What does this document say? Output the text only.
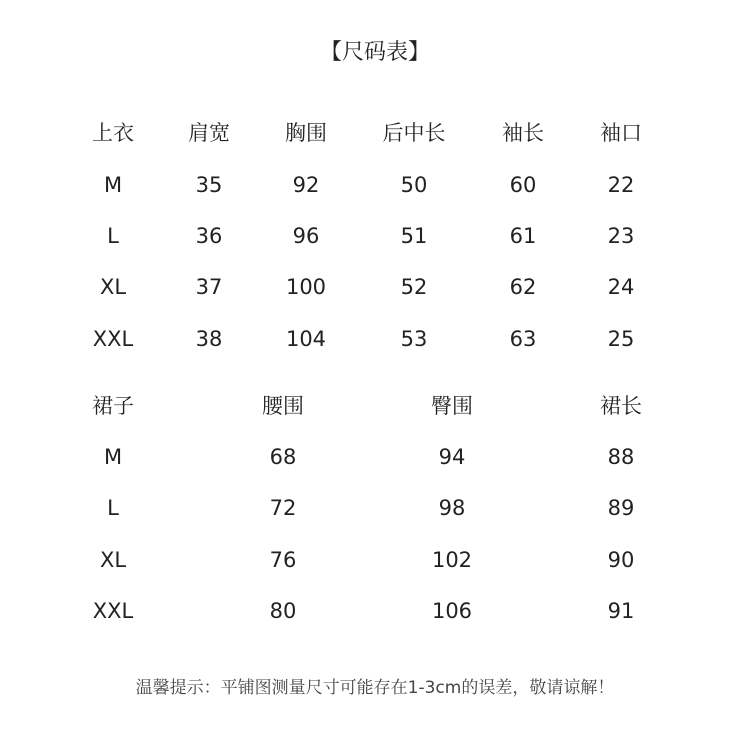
【尺码表】
上衣	肩宽	胸围	后中长	袖长	袖口
M	35	92	50	60	22
L	36	96	51	61	23
XL	37	100	52	62	24
XXL	38	104	53	63	25
裙子	腰围	臀围	裙长
M	68	94	88
L	72	98	89
XL	76	102	90
XXL	80	106	91
温馨提示：平铺图测量尺寸可能存在1-3cm的误差，敬请谅解！
